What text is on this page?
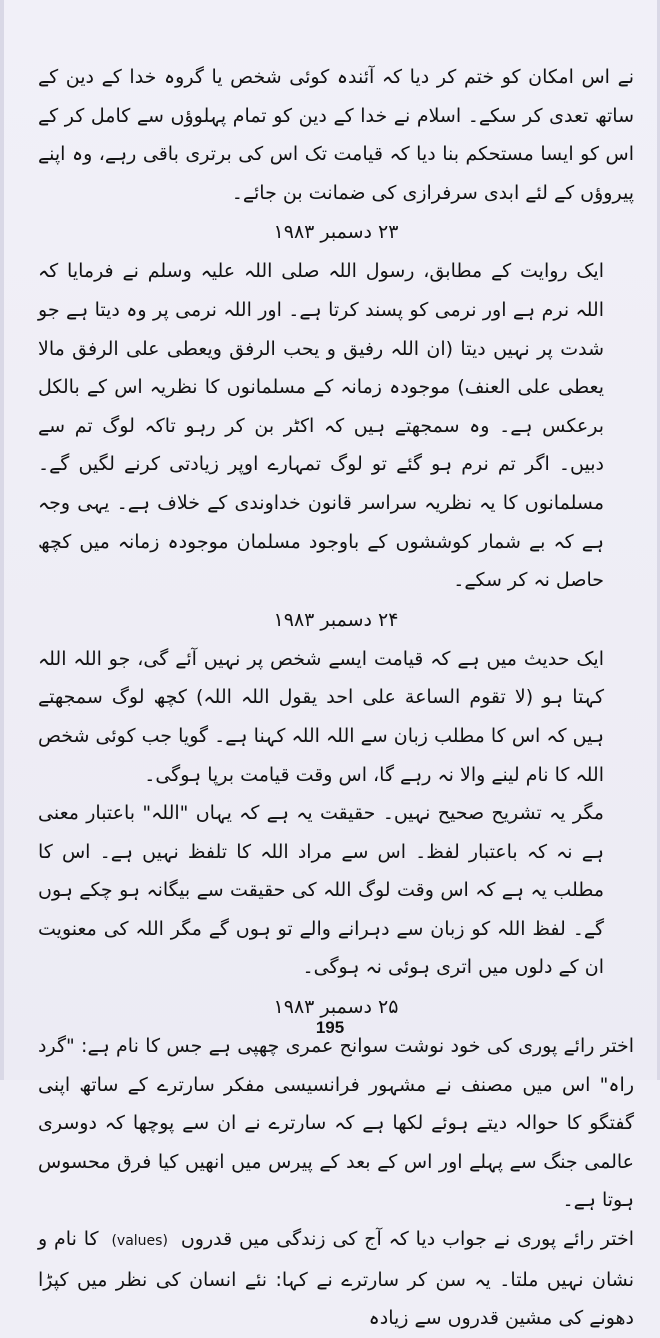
نے اس امکان کو ختم کر دیا کہ آئندہ کوئی شخص یا گروہ خدا کے دین کے ساتھ تعدی کر سکے۔ اسلام نے خدا کے دین کو تمام پہلوؤں سے کامل کر کے اس کو ایسا مستحکم بنا دیا کہ قیامت تک اس کی برتری باقی رہے، وہ اپنے پیروؤں کے لئے ابدی سرفرازی کی ضمانت بن جائے۔

۲۳ دسمبر ۱۹۸۳

ایک روایت کے مطابق، رسول اللہ صلی اللہ علیہ وسلم نے فرمایا کہ اللہ نرم ہے اور نرمی کو پسند کرتا ہے۔ اور اللہ نرمی پر وہ دیتا ہے جو شدت پر نہیں دیتا (ان اللہ رفیق و یحب الرفق ویعطی علی الرفق مالا یعطی علی العنف) موجودہ زمانہ کے مسلمانوں کا نظریہ اس کے بالکل برعکس ہے۔ وہ سمجھتے ہیں کہ اکٹر بن کر رہو تاکہ لوگ تم سے دبیں۔ اگر تم نرم ہو گئے تو لوگ تمہارے اوپر زیادتی کرنے لگیں گے۔ مسلمانوں کا یہ نظریہ سراسر قانون خداوندی کے خلاف ہے۔ یہی وجہ ہے کہ بے شمار کوششوں کے باوجود مسلمان موجودہ زمانہ میں کچھ حاصل نہ کر سکے۔

۲۴ دسمبر ۱۹۸۳

ایک حدیث میں ہے کہ قیامت ایسے شخص پر نہیں آئے گی، جو اللہ اللہ کہتا ہو (لا تقوم الساعة علی احد یقول اللہ اللہ) کچھ لوگ سمجھتے ہیں کہ اس کا مطلب زبان سے اللہ اللہ کہنا ہے۔ گویا جب کوئی شخص اللہ کا نام لینے والا نہ رہے گا، اس وقت قیامت برپا ہوگی۔

مگر یہ تشریح صحیح نہیں۔ حقیقت یہ ہے کہ یہاں "اللہ" باعتبار معنی ہے نہ کہ باعتبار لفظ۔ اس سے مراد اللہ کا تلفظ نہیں ہے۔ اس کا مطلب یہ ہے کہ اس وقت لوگ اللہ کی حقیقت سے بیگانہ ہو چکے ہوں گے۔ لفظ اللہ کو زبان سے دہرانے والے تو ہوں گے مگر اللہ کی معنویت ان کے دلوں میں اتری ہوئی نہ ہوگی۔

۲۵ دسمبر ۱۹۸۳

اختر رائے پوری کی خود نوشت سوانح عمری چھپی ہے جس کا نام ہے: "گرد راہ" اس میں مصنف نے مشہور فرانسیسی مفکر سارترے کے ساتھ اپنی گفتگو کا حوالہ دیتے ہوئے لکھا ہے کہ سارترے نے ان سے پوچھا کہ دوسری عالمی جنگ سے پہلے اور اس کے بعد کے پیرس میں انھیں کیا فرق محسوس ہوتا ہے۔

اختر رائے پوری نے جواب دیا کہ آج کی زندگی میں قدروں (values) کا نام و نشان نہیں ملتا۔ یہ سن کر سارترے نے کہا: نئے انسان کی نظر میں کپڑا دھونے کی مشین قدروں سے زیادہ

195
